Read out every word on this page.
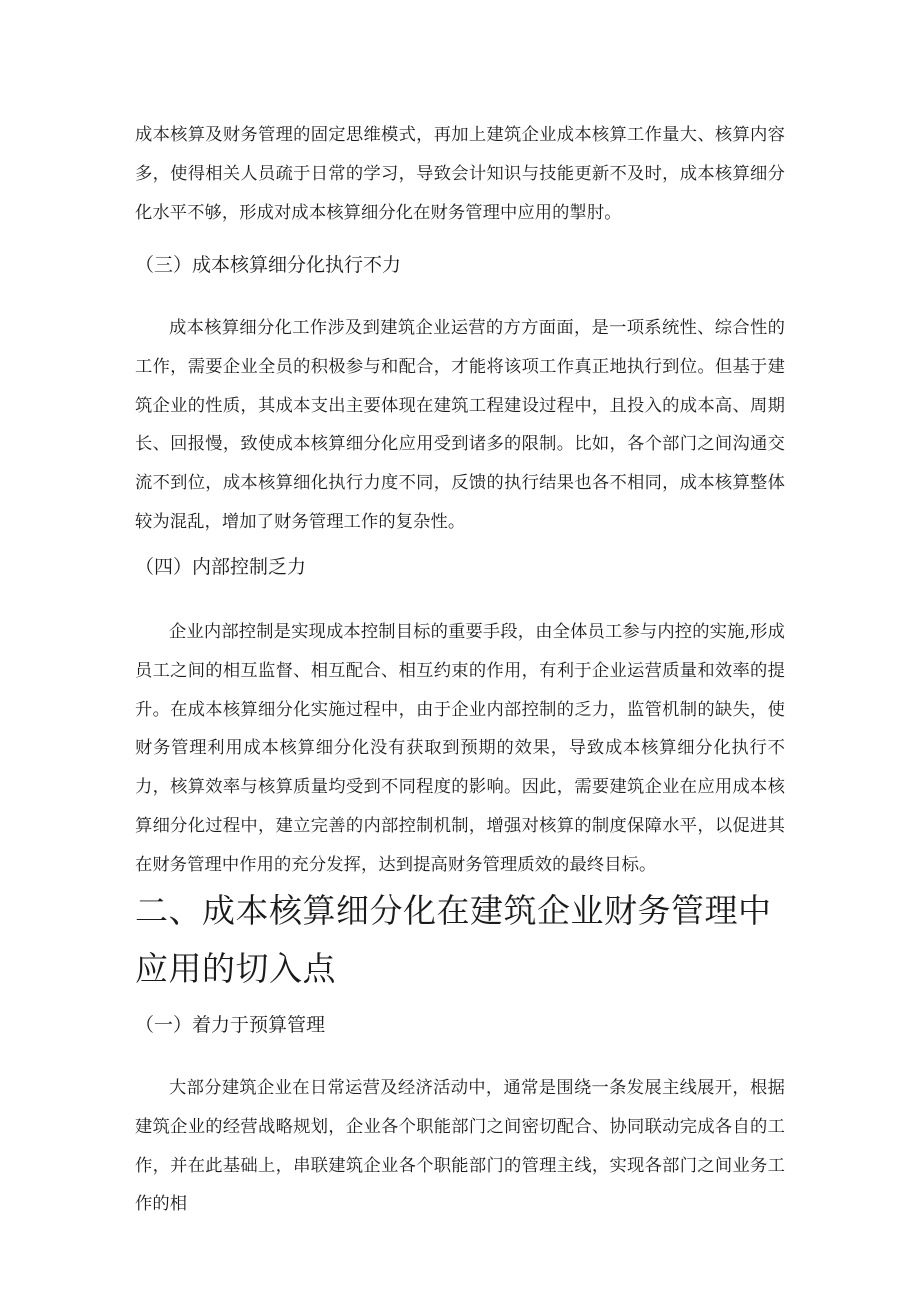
成本核算及财务管理的固定思维模式，再加上建筑企业成本核算工作量大、核算内容多，使得相关人员疏于日常的学习，导致会计知识与技能更新不及时，成本核算细分化水平不够，形成对成本核算细分化在财务管理中应用的掣肘。

（三）成本核算细分化执行不力

成本核算细分化工作涉及到建筑企业运营的方方面面，是一项系统性、综合性的工作，需要企业全员的积极参与和配合，才能将该项工作真正地执行到位。但基于建筑企业的性质，其成本支出主要体现在建筑工程建设过程中，且投入的成本高、周期长、回报慢，致使成本核算细分化应用受到诸多的限制。比如，各个部门之间沟通交流不到位，成本核算细化执行力度不同，反馈的执行结果也各不相同，成本核算整体较为混乱，增加了财务管理工作的复杂性。

（四）内部控制乏力

企业内部控制是实现成本控制目标的重要手段，由全体员工参与内控的实施,形成员工之间的相互监督、相互配合、相互约束的作用，有利于企业运营质量和效率的提升。在成本核算细分化实施过程中，由于企业内部控制的乏力，监管机制的缺失，使财务管理利用成本核算细分化没有获取到预期的效果，导致成本核算细分化执行不力，核算效率与核算质量均受到不同程度的影响。因此，需要建筑企业在应用成本核算细分化过程中，建立完善的内部控制机制，增强对核算的制度保障水平，以促进其在财务管理中作用的充分发挥，达到提高财务管理质效的最终目标。

二、成本核算细分化在建筑企业财务管理中应用的切入点
（一）着力于预算管理

大部分建筑企业在日常运营及经济活动中，通常是围绕一条发展主线展开，根据建筑企业的经营战略规划，企业各个职能部门之间密切配合、协同联动完成各自的工作，并在此基础上，串联建筑企业各个职能部门的管理主线，实现各部门之间业务工作的相
